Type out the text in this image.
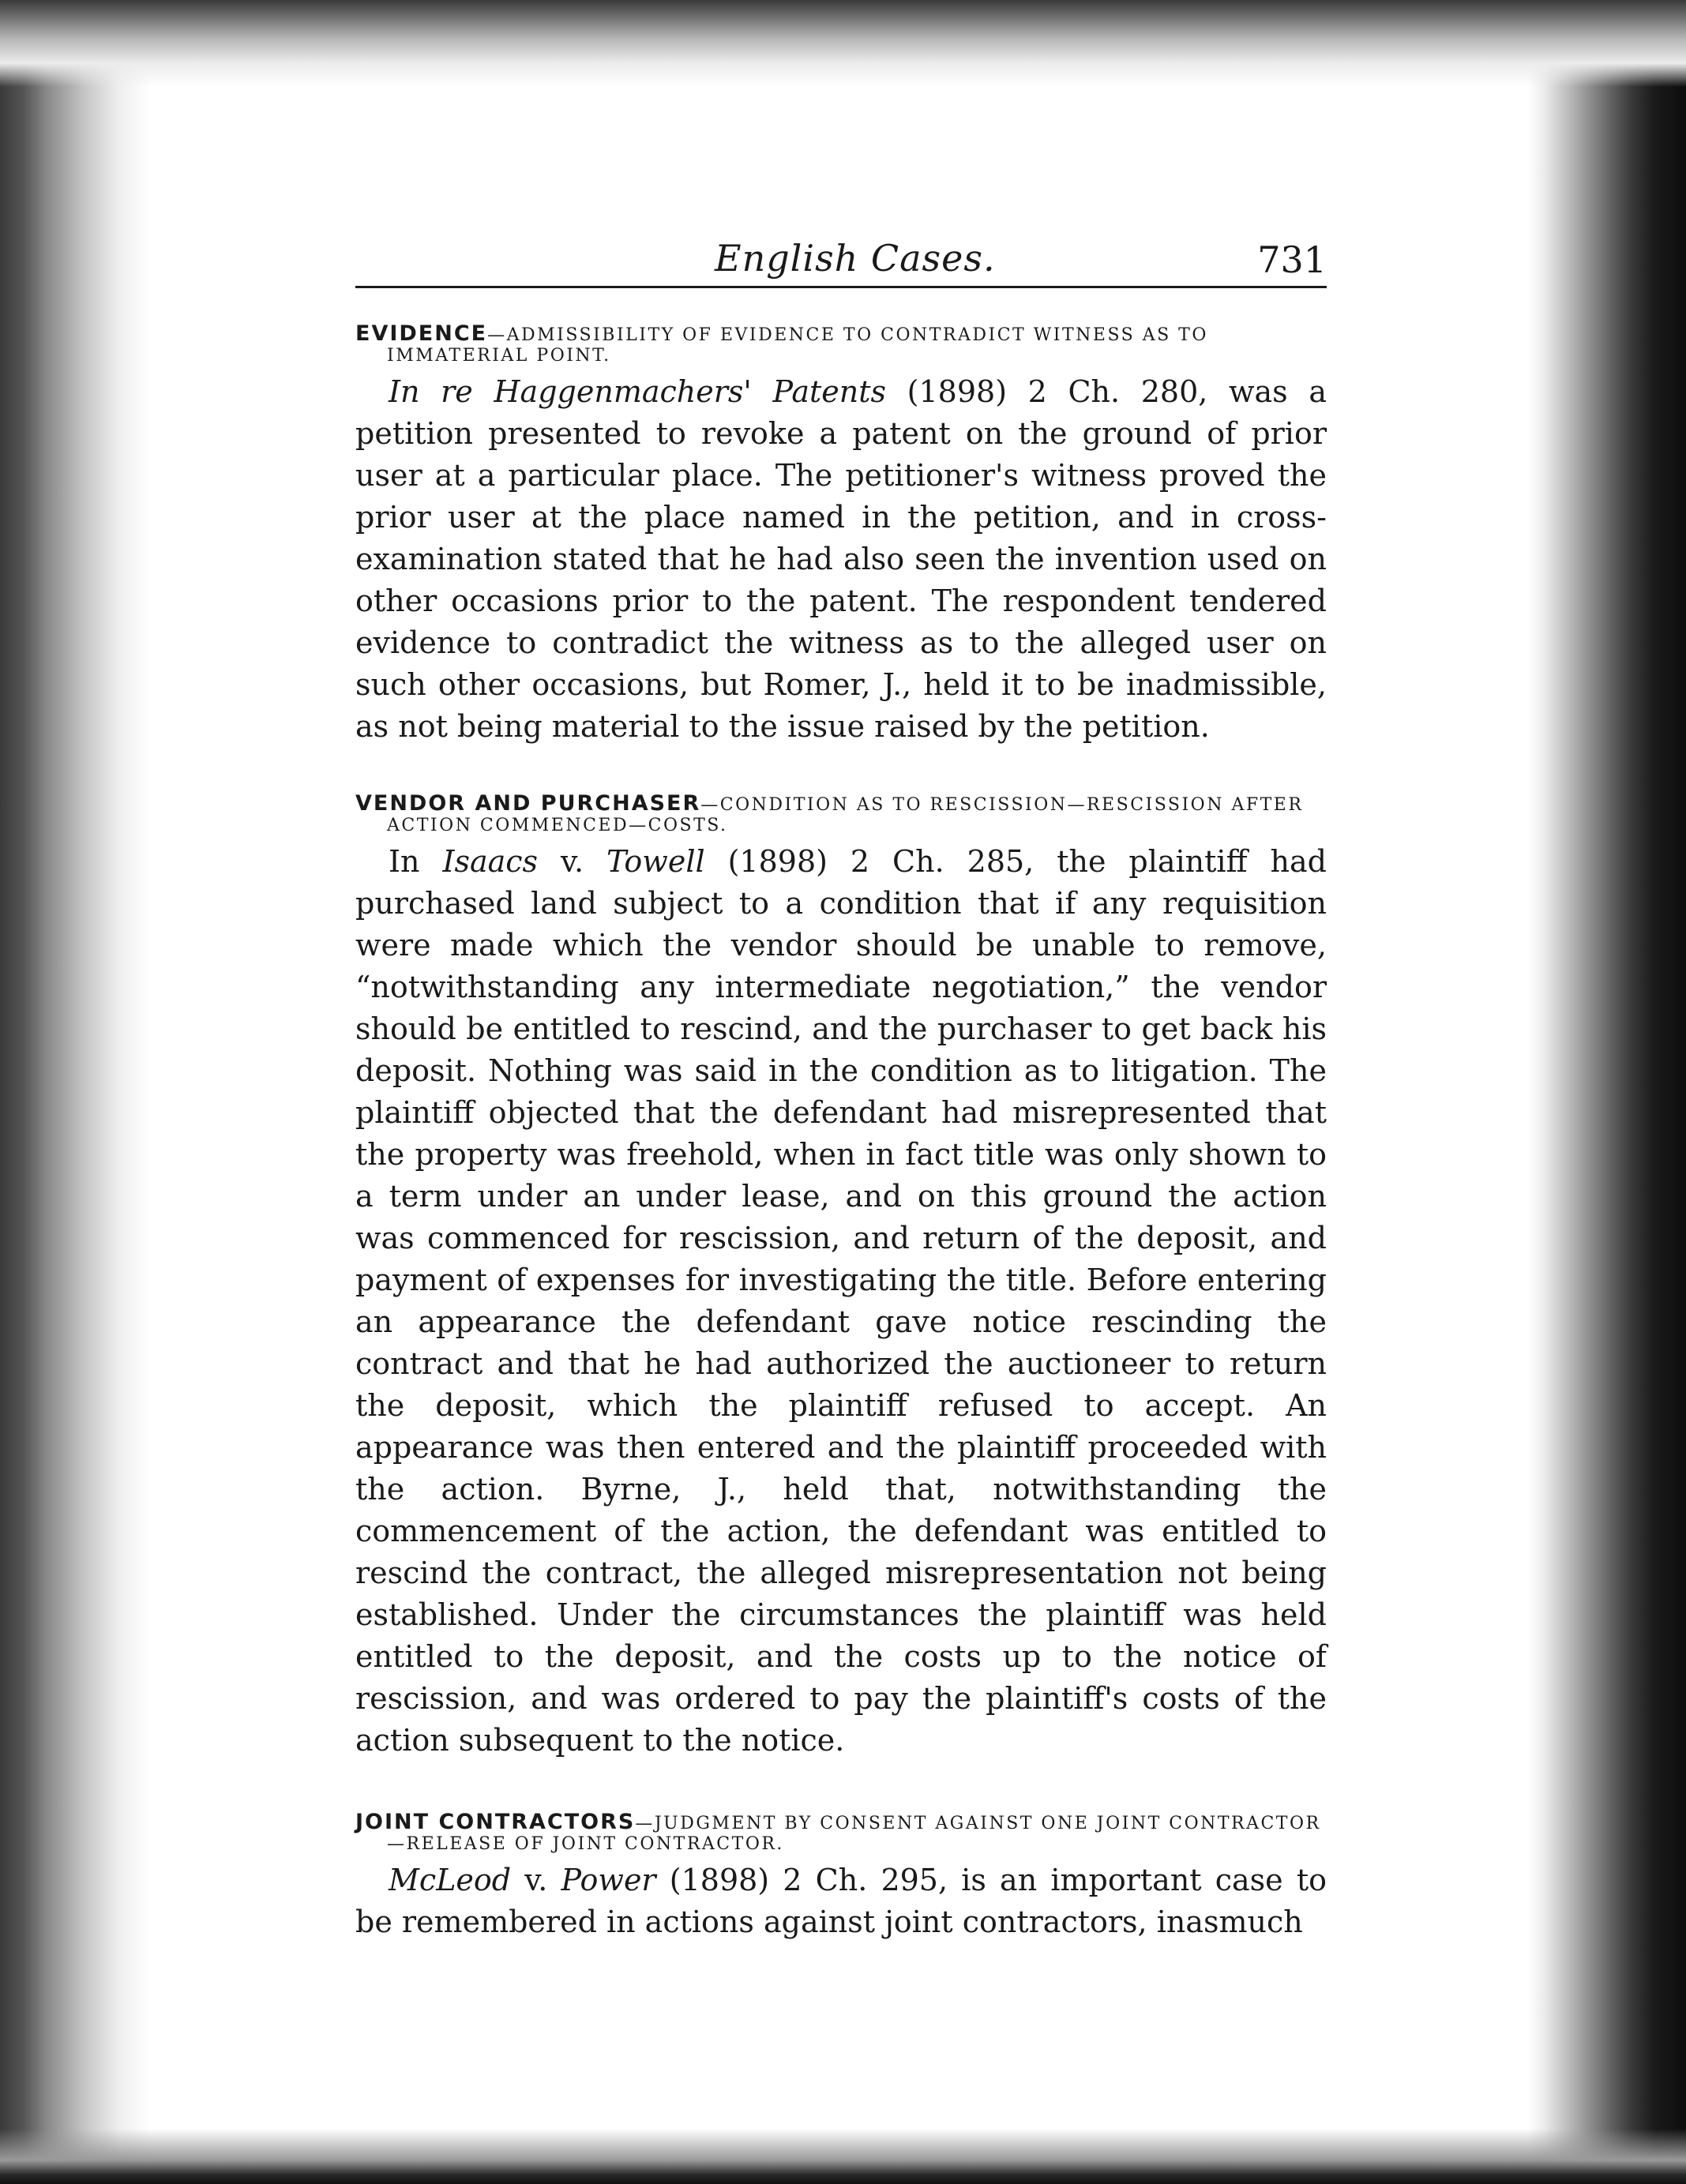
English Cases.	731
EVIDENCE—ADMISSIBILITY OF EVIDENCE TO CONTRADICT WITNESS AS TO IMMATERIAL POINT.

In re Haggenmachers' Patents (1898) 2 Ch. 280, was a petition presented to revoke a patent on the ground of prior user at a particular place. The petitioner's witness proved the prior user at the place named in the petition, and in cross-examination stated that he had also seen the invention used on other occasions prior to the patent. The respondent tendered evidence to contradict the witness as to the alleged user on such other occasions, but Romer, J., held it to be inadmissible, as not being material to the issue raised by the petition.

VENDOR AND PURCHASER—CONDITION AS TO RESCISSION—RESCISSION AFTER ACTION COMMENCED—COSTS.

In Isaacs v. Towell (1898) 2 Ch. 285, the plaintiff had purchased land subject to a condition that if any requisition were made which the vendor should be unable to remove, “notwithstanding any intermediate negotiation,” the vendor should be entitled to rescind, and the purchaser to get back his deposit. Nothing was said in the condition as to litigation. The plaintiff objected that the defendant had misrepresented that the property was freehold, when in fact title was only shown to a term under an under lease, and on this ground the action was commenced for rescission, and return of the deposit, and payment of expenses for investigating the title. Before entering an appearance the defendant gave notice rescinding the contract and that he had authorized the auctioneer to return the deposit, which the plaintiff refused to accept. An appearance was then entered and the plaintiff proceeded with the action. Byrne, J., held that, notwithstanding the commencement of the action, the defendant was entitled to rescind the contract, the alleged misrepresentation not being established. Under the circumstances the plaintiff was held entitled to the deposit, and the costs up to the notice of rescission, and was ordered to pay the plaintiff's costs of the action subsequent to the notice.

JOINT CONTRACTORS—JUDGMENT BY CONSENT AGAINST ONE JOINT CONTRACTOR—RELEASE OF JOINT CONTRACTOR.

McLeod v. Power (1898) 2 Ch. 295, is an important case to be remembered in actions against joint contractors, inasmuch
